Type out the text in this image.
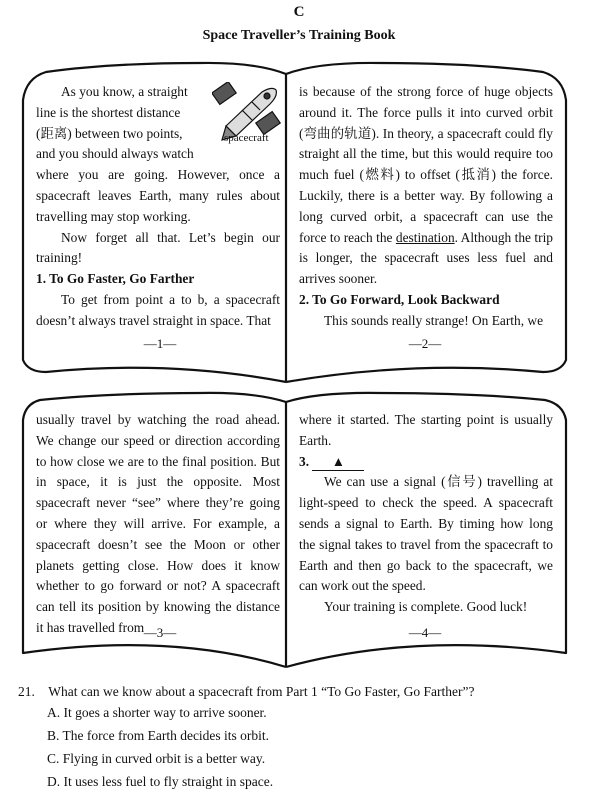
C
Space Traveller’s Training Book

As you know, a straight

line is the shortest distance

(距离) between two points,

and you should always watch

where you are going. However, once a spacecraft leaves Earth, many rules about travelling may stop working.

Now forget all that. Let’s begin our training!

1. To Go Faster, Go Farther

To get from point a to b, a spacecraft doesn’t always travel straight in space. That

spacecraft
—1—

is because of the strong force of huge objects around it. The force pulls it into curved orbit (弯曲的轨道). In theory, a spacecraft could fly straight all the time, but this would require too much fuel (燃料) to offset (抵消) the force. Luckily, there is a better way. By following a long curved orbit, a spacecraft can use the force to reach the destination. Although the trip is longer, the spacecraft uses less fuel and arrives sooner.

2. To Go Forward, Look Backward

This sounds really strange! On Earth, we

—2—

usually travel by watching the road ahead. We change our speed or direction according to how close we are to the final position. But in space, it is just the opposite. Most spacecraft never “see” where they’re going or where they will arrive. For example, a spacecraft doesn’t see the Moon or other planets getting close. How does it know whether to go forward or not? A spacecraft can tell its position by knowing the distance it has travelled from —3—

where it started. The starting point is usually Earth.

3. ▲

We can use a signal (信号) travelling at light-speed to check the speed. A spacecraft sends a signal to Earth. By timing how long the signal takes to travel from the spacecraft to Earth and then go back to the spacecraft, we can work out the speed.

Your training is complete. Good luck!

—4—
21. What can we know about a spacecraft from Part 1 “To Go Faster, Go Farther”?
A. It goes a shorter way to arrive sooner.
B. The force from Earth decides its orbit.
C. Flying in curved orbit is a better way.
D. It uses less fuel to fly straight in space.
